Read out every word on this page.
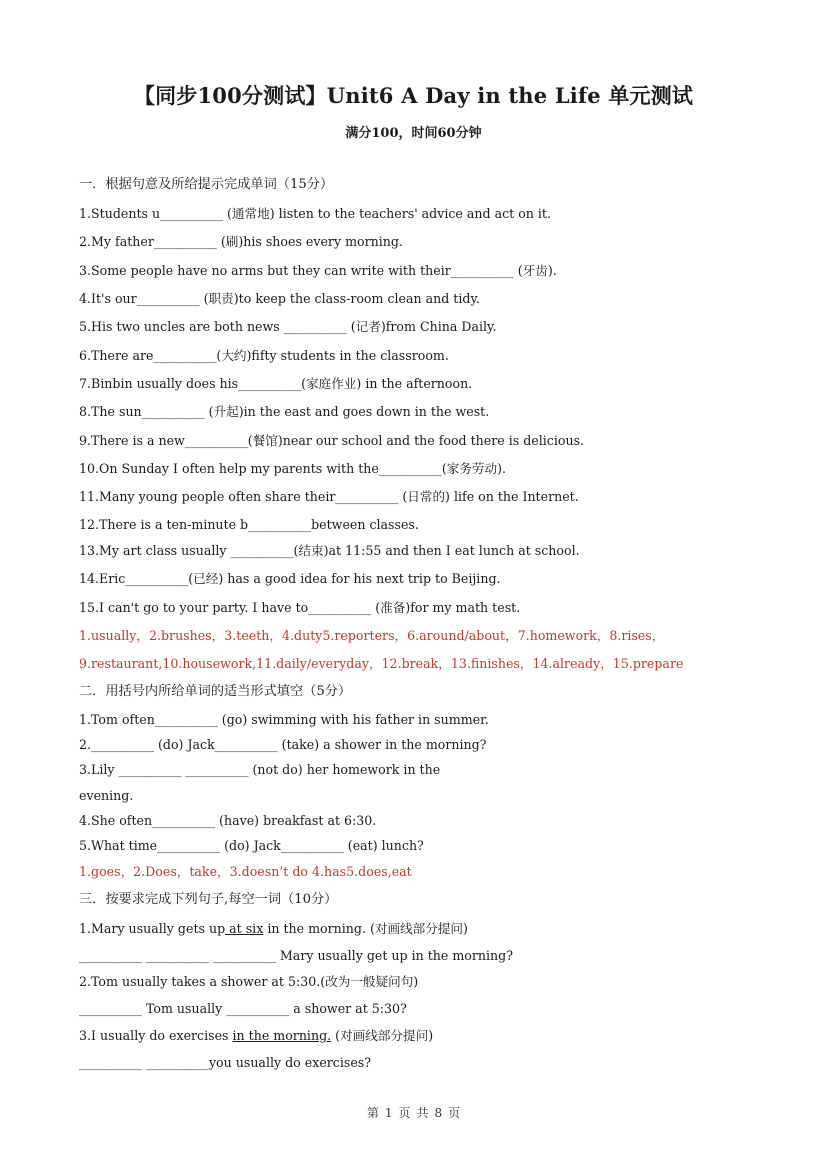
【同步100分测试】Unit6 A Day in the Life 单元测试
满分100，时间60分钟
一．根据句意及所给提示完成单词（15分）
1.Students u__________ (通常地) listen to the teachers' advice and act on it.
2.My father__________ (刷)his shoes every morning.
3.Some people have no arms but they can write with their__________ (牙齿).
4.It's our__________ (职责)to keep the class-room clean and tidy.
5.His two uncles are both news __________ (记者)from China Daily.
6.There are__________(大约)fifty students in the classroom.
7.Binbin usually does his__________(家庭作业) in the afternoon.
8.The sun__________ (升起)in the east and goes down in the west.
9.There is a new__________(餐馆)near our school and the food there is delicious.
10.On Sunday I often help my parents with the__________(家务劳动).
11.Many young people often share their__________ (日常的) life on the Internet.
12.There is a ten-minute b__________between classes.
13.My art class usually __________(结束)at 11:55 and then I eat lunch at school.
14.Eric__________(已经) has a good idea for his next trip to Beijing.
15.I can't go to your party. I have to__________ (准备)for my math test.
1.usually，2.brushes，3.teeth，4.duty5.reporters，6.around/about，7.homework，8.rises，
9.restaurant,10.housework,11.daily/everyday，12.break，13.finishes，14.already，15.prepare
二．用括号内所给单词的适当形式填空（5分）
1.Tom often__________ (go) swimming with his father in summer.
2.__________ (do) Jack__________ (take) a shower in the morning?
3.Lily __________ __________ (not do) her homework in the
evening.
4.She often__________ (have) breakfast at 6:30.
5.What time__________ (do) Jack__________ (eat) lunch?
1.goes，2.Does，take，3.doesn’t do 4.has5.does,eat
三．按要求完成下列句子,每空一词（10分）
1.Mary usually gets up at six in the morning. (对画线部分提问)
__________ __________ __________ Mary usually get up in the morning?
2.Tom usually takes a shower at 5:30.(改为一般疑问句)
__________ Tom usually __________ a shower at 5:30?
3.I usually do exercises in the morning. (对画线部分提问)
__________ __________you usually do exercises?
第 1 页 共 8 页
